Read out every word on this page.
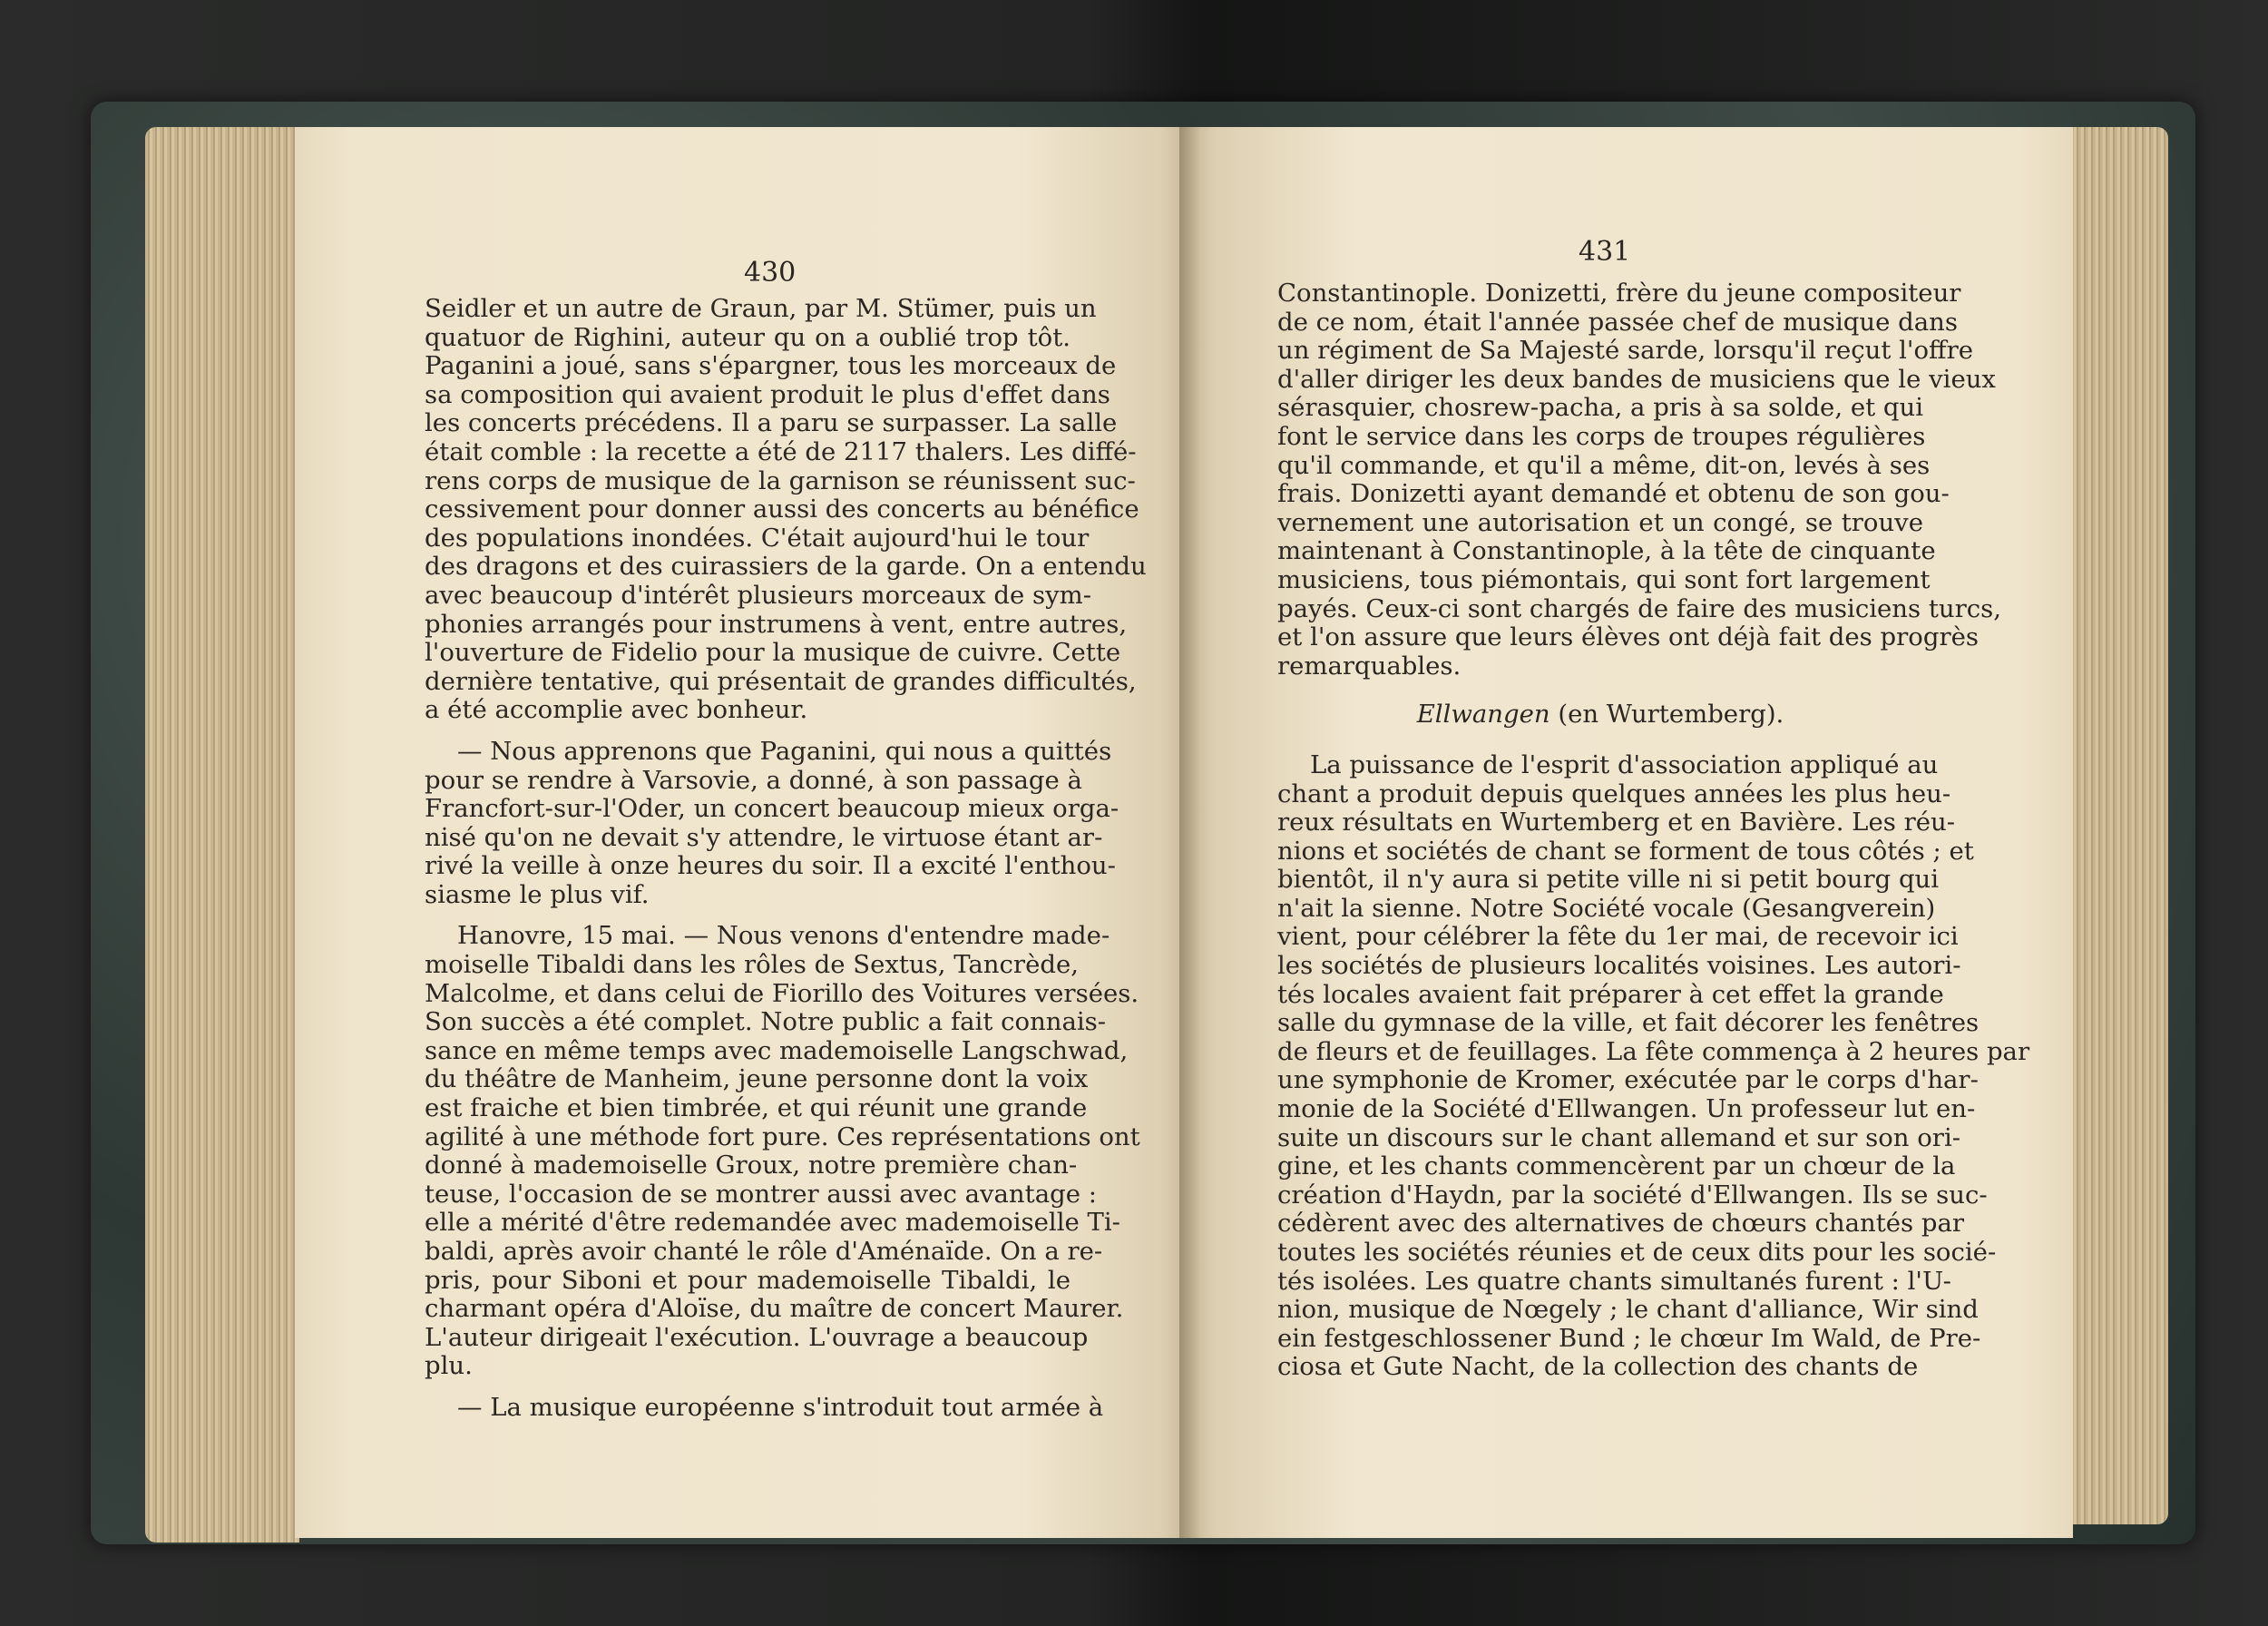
430
431
Seidler et un autre de Graun, par M. Stümer, puis un
quatuor de Righini, auteur qu on a oublié trop tôt.
Paganini a joué, sans s'épargner, tous les morceaux de
sa composition qui avaient produit le plus d'effet dans
les concerts précédens. Il a paru se surpasser. La salle
était comble : la recette a été de 2117 thalers. Les diffé-
rens corps de musique de la garnison se réunissent suc-
cessivement pour donner aussi des concerts au bénéfice
des populations inondées. C'était aujourd'hui le tour
des dragons et des cuirassiers de la garde. On a entendu
avec beaucoup d'intérêt plusieurs morceaux de sym-
phonies arrangés pour instrumens à vent, entre autres,
l'ouverture de Fidelio pour la musique de cuivre. Cette
dernière tentative, qui présentait de grandes difficultés,
a été accomplie avec bonheur.
— Nous apprenons que Paganini, qui nous a quittés
pour se rendre à Varsovie, a donné, à son passage à
Francfort-sur-l'Oder, un concert beaucoup mieux orga-
nisé qu'on ne devait s'y attendre, le virtuose étant ar-
rivé la veille à onze heures du soir. Il a excité l'enthou-
siasme le plus vif.
Hanovre, 15 mai. — Nous venons d'entendre made-
moiselle Tibaldi dans les rôles de Sextus, Tancrède,
Malcolme, et dans celui de Fiorillo des Voitures versées.
Son succès a été complet. Notre public a fait connais-
sance en même temps avec mademoiselle Langschwad,
du théâtre de Manheim, jeune personne dont la voix
est fraiche et bien timbrée, et qui réunit une grande
agilité à une méthode fort pure. Ces représentations ont
donné à mademoiselle Groux, notre première chan-
teuse, l'occasion de se montrer aussi avec avantage :
elle a mérité d'être redemandée avec mademoiselle Ti-
baldi, après avoir chanté le rôle d'Aménaïde. On a re-
pris, pour Siboni et pour mademoiselle Tibaldi, le
charmant opéra d'Aloïse, du maître de concert Maurer.
L'auteur dirigeait l'exécution. L'ouvrage a beaucoup
plu.
— La musique européenne s'introduit tout armée à
Constantinople. Donizetti, frère du jeune compositeur
de ce nom, était l'année passée chef de musique dans
un régiment de Sa Majesté sarde, lorsqu'il reçut l'offre
d'aller diriger les deux bandes de musiciens que le vieux
sérasquier, chosrew-pacha, a pris à sa solde, et qui
font le service dans les corps de troupes régulières
qu'il commande, et qu'il a même, dit-on, levés à ses
frais. Donizetti ayant demandé et obtenu de son gou-
vernement une autorisation et un congé, se trouve
maintenant à Constantinople, à la tête de cinquante
musiciens, tous piémontais, qui sont fort largement
payés. Ceux-ci sont chargés de faire des musiciens turcs,
et l'on assure que leurs élèves ont déjà fait des progrès
remarquables.
Ellwangen (en Wurtemberg).
La puissance de l'esprit d'association appliqué au
chant a produit depuis quelques années les plus heu-
reux résultats en Wurtemberg et en Bavière. Les réu-
nions et sociétés de chant se forment de tous côtés ; et
bientôt, il n'y aura si petite ville ni si petit bourg qui
n'ait la sienne. Notre Société vocale (Gesangverein)
vient, pour célébrer la fête du 1er mai, de recevoir ici
les sociétés de plusieurs localités voisines. Les autori-
tés locales avaient fait préparer à cet effet la grande
salle du gymnase de la ville, et fait décorer les fenêtres
de fleurs et de feuillages. La fête commença à 2 heures par
une symphonie de Kromer, exécutée par le corps d'har-
monie de la Société d'Ellwangen. Un professeur lut en-
suite un discours sur le chant allemand et sur son ori-
gine, et les chants commencèrent par un chœur de la
création d'Haydn, par la société d'Ellwangen. Ils se suc-
cédèrent avec des alternatives de chœurs chantés par
toutes les sociétés réunies et de ceux dits pour les socié-
tés isolées. Les quatre chants simultanés furent : l'U-
nion, musique de Nœgely ; le chant d'alliance, Wir sind
ein festgeschlossener Bund ; le chœur Im Wald, de Pre-
ciosa et Gute Nacht, de la collection des chants de
